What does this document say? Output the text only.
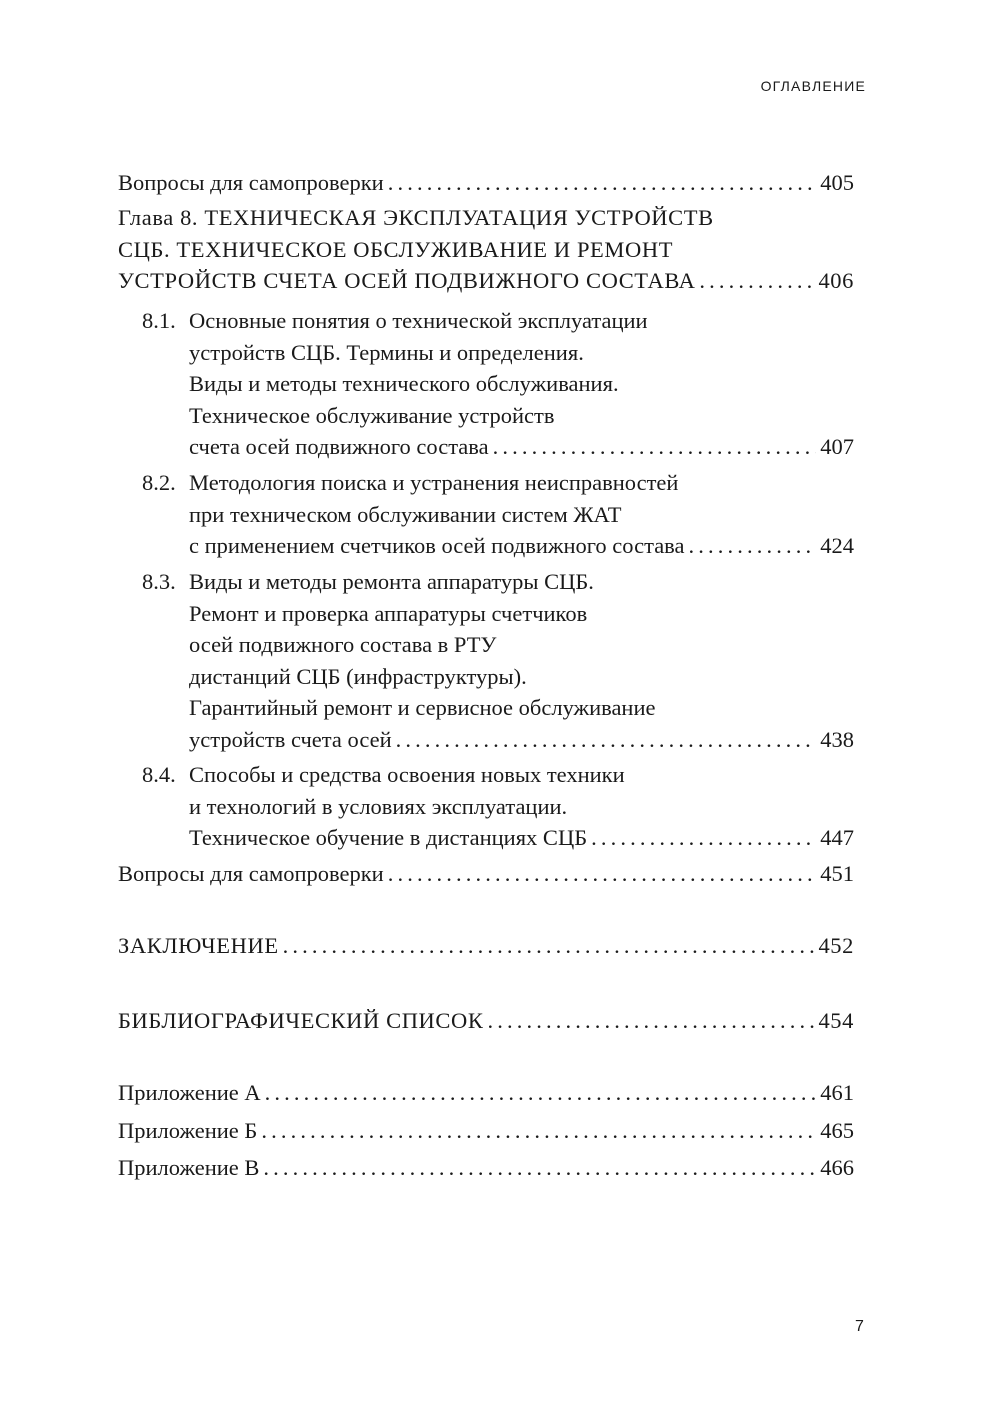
ОГЛАВЛЕНИЕ
Вопросы для самопроверки . . .	405
Глава 8. ТЕХНИЧЕСКАЯ ЭКСПЛУАТАЦИЯ УСТРОЙСТВ
СЦБ. ТЕХНИЧЕСКОЕ ОБСЛУЖИВАНИЕ И РЕМОНТ
УСТРОЙСТВ СЧЕТА ОСЕЙ ПОДВИЖНОГО СОСТАВА . . .	406
8.1. Основные понятия о технической эксплуатации
устройств СЦБ. Термины и определения.
Виды и методы технического обслуживания.
Техническое обслуживание устройств
счета осей подвижного состава . . .	407
8.2. Методология поиска и устранения неисправностей
при техническом обслуживании систем ЖАТ
с применением счетчиков осей подвижного состава . . .	424
8.3. Виды и методы ремонта аппаратуры СЦБ.
Ремонт и проверка аппаратуры счетчиков
осей подвижного состава в РТУ
дистанций СЦБ (инфраструктуры).
Гарантийный ремонт и сервисное обслуживание
устройств счета осей . . .	438
8.4. Способы и средства освоения новых техники
и технологий в условиях эксплуатации.
Техническое обучение в дистанциях СЦБ . . .	447
Вопросы для самопроверки . . .	451
ЗАКЛЮЧЕНИЕ . . .	452
БИБЛИОГРАФИЧЕСКИЙ СПИСОК . . .	454
Приложение А . . .	461
Приложение Б . . .	465
Приложение В . . .	466
7
